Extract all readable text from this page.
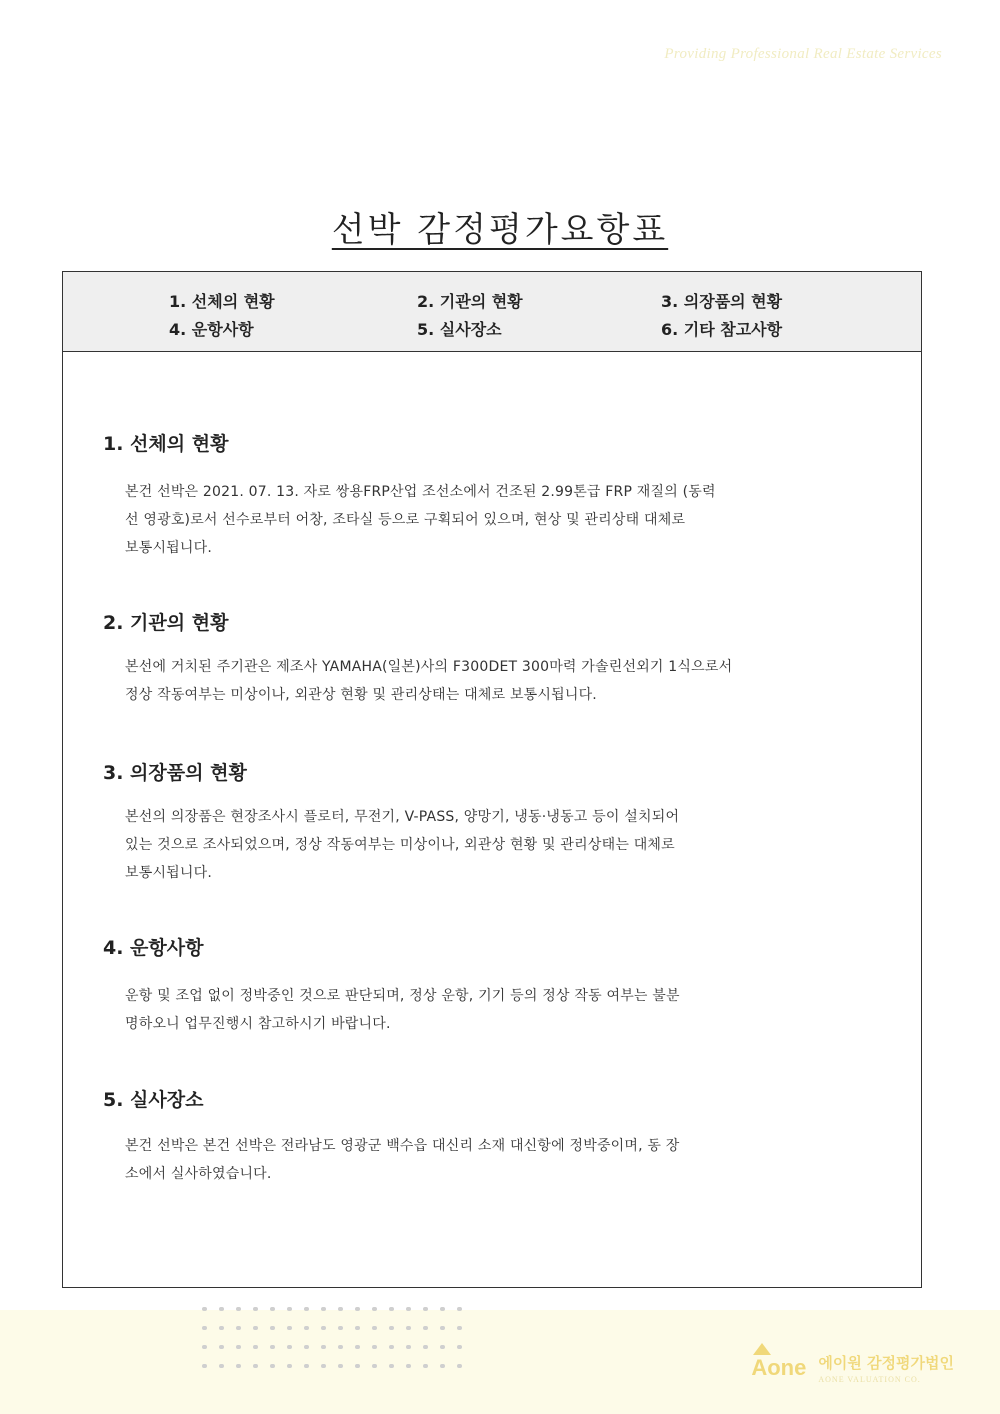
Providing Professional Real Estate Services
선박 감정평가요항표
1. 선체의 현황	2. 기관의 현황	3. 의장품의 현황
4. 운항사항	5. 실사장소	6. 기타 참고사항
1. 선체의 현황
본건 선박은 2021. 07. 13. 자로 쌍용FRP산업 조선소에서 건조된 2.99톤급 FRP 재질의 (동력
선 영광호)로서 선수로부터 어창, 조타실 등으로 구획되어 있으며, 현상 및 관리상태 대체로
보통시됩니다.
2. 기관의 현황
본선에 거치된 주기관은 제조사 YAMAHA(일본)사의 F300DET 300마력 가솔린선외기 1식으로서
정상 작동여부는 미상이나, 외관상 현황 및 관리상태는 대체로 보통시됩니다.
3. 의장품의 현황
본선의 의장품은 현장조사시 플로터, 무전기, V-PASS, 양망기, 냉동·냉동고 등이 설치되어
있는 것으로 조사되었으며, 정상 작동여부는 미상이나, 외관상 현황 및 관리상태는 대체로
보통시됩니다.
4. 운항사항
운항 및 조업 없이 정박중인 것으로 판단되며, 정상 운항, 기기 등의 정상 작동 여부는 불분
명하오니 업무진행시 참고하시기 바랍니다.
5. 실사장소
본건 선박은 본건 선박은 전라남도 영광군 백수읍 대신리 소재 대신항에 정박중이며, 동 장
소에서 실사하였습니다.
Aone 에이원 감정평가법인
AONE VALUATION CO.
